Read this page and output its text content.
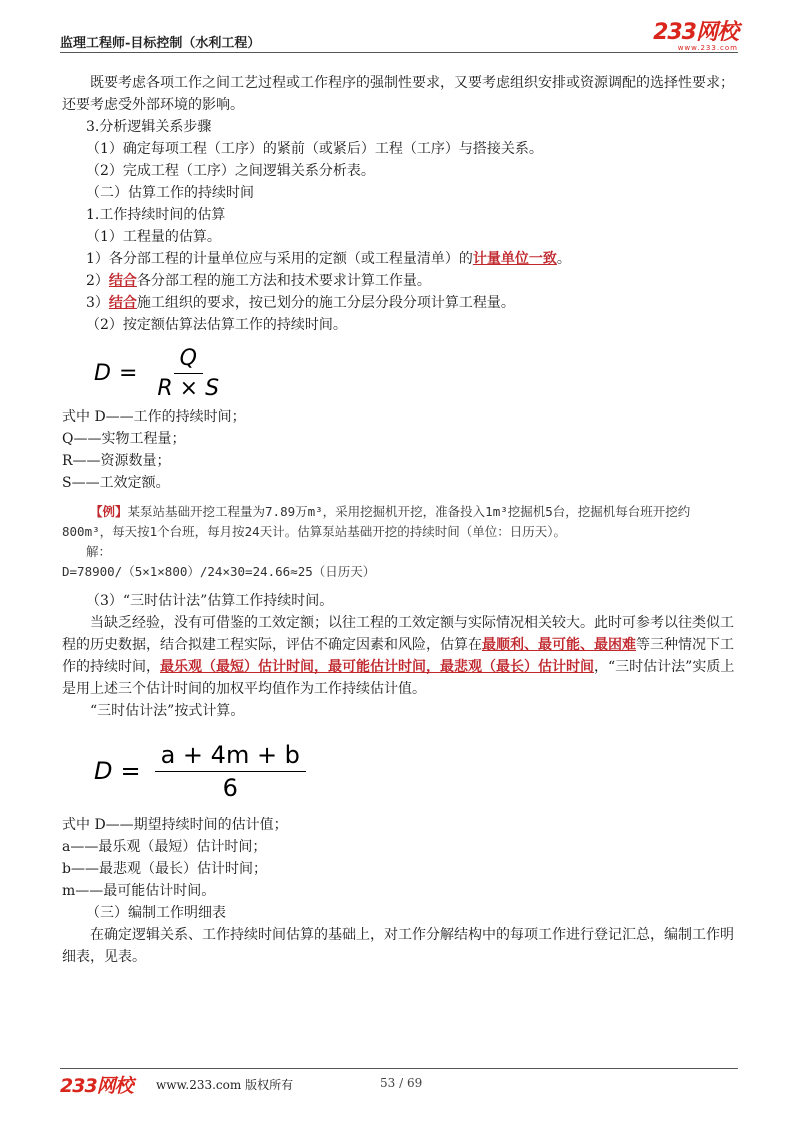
监理工程师-目标控制（水利工程）	233网校
www.233.com

既要考虑各项工作之间工艺过程或工作程序的强制性要求，又要考虑组织安排或资源调配的选择性要求；还要考虑受外部环境的影响。

3.分析逻辑关系步骤

（1）确定每项工程（工序）的紧前（或紧后）工程（工序）与搭接关系。

（2）完成工程（工序）之间逻辑关系分析表。

（二）估算工作的持续时间

1.工作持续时间的估算

（1）工程量的估算。

1）各分部工程的计量单位应与采用的定额（或工程量清单）的计量单位一致。

2）结合各分部工程的施工方法和技术要求计算工作量。

3）结合施工组织的要求，按已划分的施工分层分段分项计算工程量。

（2）按定额估算法估算工作的持续时间。

$D = \frac{Q}{R \times S}$

式中 D——工作的持续时间；

Q——实物工程量；

R——资源数量；

S——工效定额。

【例】某泵站基础开挖工程量为7.89万m³，采用挖掘机开挖，准备投入1m³挖掘机5台，挖掘机每台班开挖约800m³，每天按1个台班，每月按24天计。估算泵站基础开挖的持续时间（单位：日历天）。

解：

D=78900/（5×1×800）/24×30=24.66≈25（日历天）

（3）“三时估计法”估算工作持续时间。

当缺乏经验，没有可借鉴的工效定额；以往工程的工效定额与实际情况相关较大。此时可参考以往类似工程的历史数据，结合拟建工程实际，评估不确定因素和风险，估算在最顺利、最可能、最困难等三种情况下工作的持续时间，最乐观（最短）估计时间，最可能估计时间，最悲观（最长）估计时间，“三时估计法”实质上是用上述三个估计时间的加权平均值作为工作持续估计值。

“三时估计法”按式计算。

$D = \frac{a + 4m + b}{6}$

式中 D——期望持续时间的估计值；

a——最乐观（最短）估计时间；

b——最悲观（最长）估计时间；

m——最可能估计时间。

（三）编制工作明细表

在确定逻辑关系、工作持续时间估算的基础上，对工作分解结构中的每项工作进行登记汇总，编制工作明细表，见表。

233网校 www.233.com 版权所有	53 / 69
